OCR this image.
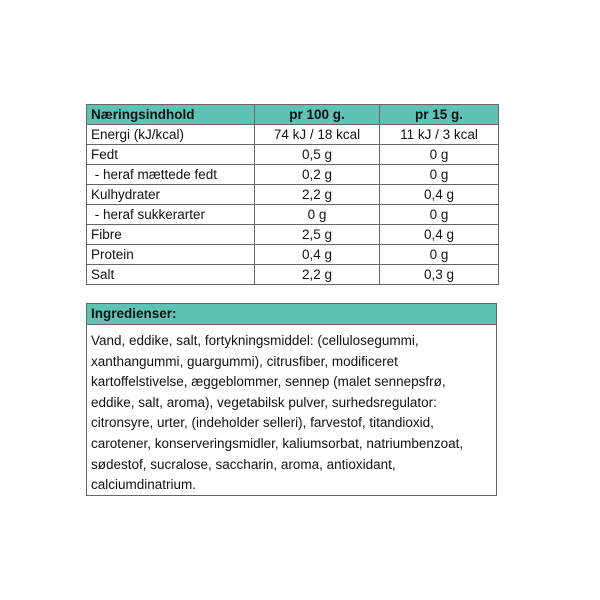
Næringsindhold	pr 100 g.	pr 15 g.
Energi (kJ/kcal)	74 kJ / 18 kcal	11 kJ / 3 kcal
Fedt	0,5 g	0 g
- heraf mættede fedt	0,2 g	0 g
Kulhydrater	2,2 g	0,4 g
- heraf sukkerarter	0 g	0 g
Fibre	2,5 g	0,4 g
Protein	0,4 g	0 g
Salt	2,2 g	0,3 g
Ingredienser:
Vand, eddike, salt, fortykningsmiddel: (cellulosegummi,
xanthangummi, guargummi), citrusfiber, modificeret
kartoffelstivelse, æggeblommer, sennep (malet sennepsfrø,
eddike, salt, aroma), vegetabilsk pulver, surhedsregulator:
citronsyre, urter, (indeholder selleri), farvestof, titandioxid,
carotener, konserveringsmidler, kaliumsorbat, natriumbenzoat,
sødestof, sucralose, saccharin, aroma, antioxidant,
calciumdinatrium.
